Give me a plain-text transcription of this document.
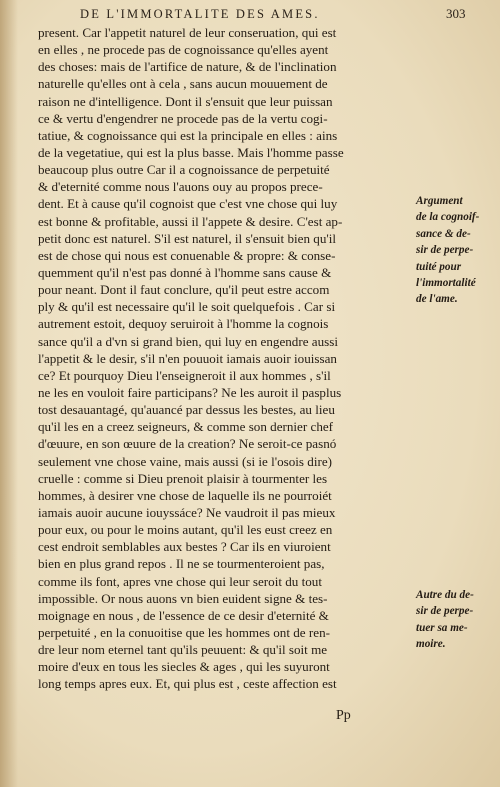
DE L'IMMORTALITE DES AMES.	303
present. Car l'appetit naturel de leur conseruation, qui est
en elles , ne procede pas de cognoissance qu'elles ayent
des choses: mais de l'artifice de nature, & de l'inclination
naturelle qu'elles ont à cela , sans aucun mouuement de
raison ne d'intelligence. Dont il s'ensuit que leur puissan
ce & vertu d'engendrer ne procede pas de la vertu cogi-
tatiue, & cognoissance qui est la principale en elles : ains
de la vegetatiue, qui est la plus basse. Mais l'homme passe
beaucoup plus outre Car il a cognoissance de perpetuité
& d'eternité comme nous l'auons ouy au propos prece-
dent. Et à cause qu'il cognoist que c'est vne chose qui luy
est bonne & profitable, aussi il l'appete & desire. C'est ap-
petit donc est naturel. S'il est naturel, il s'ensuit bien qu'il
est de chose qui nous est conuenable & propre: & conse-
quemment qu'il n'est pas donné à l'homme sans cause &
pour neant. Dont il faut conclure, qu'il peut estre accom
ply & qu'il est necessaire qu'il le soit quelquefois . Car si
autrement estoit, dequoy seruiroit à l'homme la cognois
sance qu'il a d'vn si grand bien, qui luy en engendre aussi
l'appetit & le desir, s'il n'en pouuoit iamais auoir iouissan
ce? Et pourquoy Dieu l'enseigneroit il aux hommes , s'il
ne les en vouloit faire participans? Ne les auroit il pasplus
tost desauantagé, qu'auancé par dessus les bestes, au lieu
qu'il les en a creez seigneurs, & comme son dernier chef
d'œuure, en son œuure de la creation? Ne seroit-ce pasnó
seulement vne chose vaine, mais aussi (si ie l'osois dire)
cruelle : comme si Dieu prenoit plaisir à tourmenter les
hommes, à desirer vne chose de laquelle ils ne pourroiét
iamais auoir aucune iouyssáce? Ne vaudroit il pas mieux
pour eux, ou pour le moins autant, qu'il les eust creez en
cest endroit semblables aux bestes ? Car ils en viuroient
bien en plus grand repos . Il ne se tourmenteroient pas,
comme ils font, apres vne chose qui leur seroit du tout
impossible. Or nous auons vn bien euident signe & tes-
moignage en nous , de l'essence de ce desir d'eternité &
perpetuité , en la conuoitise que les hommes ont de ren-
dre leur nom eternel tant qu'ils peuuent: & qu'il soit me
moire d'eux en tous les siecles & ages , qui les suyuront
long temps apres eux. Et, qui plus est , ceste affection est
Argument
de la cognoif-
sance & de-
sir de perpe-
tuité pour
l'immortalité
de l'ame.
Autre du de-
sir de perpe-
tuer sa me-
moire.
Pp
